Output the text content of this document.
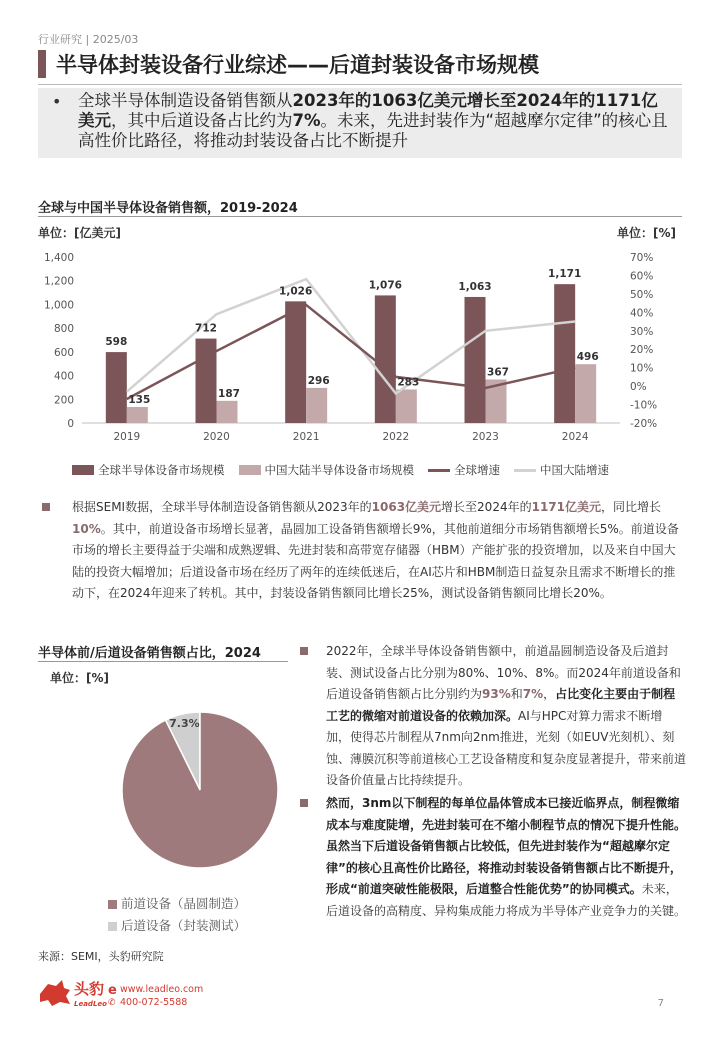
行业研究 | 2025/03
半导体封装设备行业综述——后道封装设备市场规模
• 全球半导体制造设备销售额从2023年的1063亿美元增长至2024年的1171亿美元，其中后道设备占比约为7%。未来，先进封装作为“超越摩尔定律”的核心且高性价比路径，将推动封装设备占比不断提升
全球与中国半导体设备销售额，2019-2024
单位：[亿美元]	单位：[%]
0
200
400
600
800
1,000
1,200
1,400
-20%
-10%
0%
10%
20%
30%
40%
50%
60%
70%
2019	2020	2021	2022	2023	2024
598
712
1,026	1,076	1,063
1,171
135
187
296	283
367
496
全球半导体设备市场规模	中国大陆半导体设备市场规模	全球增速	中国大陆增速
根据SEMI数据，全球半导体制造设备销售额从2023年的1063亿美元增长至2024年的1171亿美元，同比增长10%。其中，前道设备市场增长显著，晶圆加工设备销售额增长9%，其他前道细分市场销售额增长5%。前道设备市场的增长主要得益于尖端和成熟逻辑、先进封装和高带宽存储器（HBM）产能扩张的投资增加，以及来自中国大陆的投资大幅增加；后道设备市场在经历了两年的连续低迷后，在AI芯片和HBM制造日益复杂且需求不断增长的推动下，在2024年迎来了转机。其中，封装设备销售额同比增长25%，测试设备销售额同比增长20%。
半导体前/后道设备销售额占比，2024
单位：[%]
7.3%
92.7%
前道设备（晶圆制造）
后道设备（封装测试）
2022年，全球半导体设备销售额中，前道晶圆制造设备及后道封装、测试设备占比分别为80%、10%、8%。而2024年前道设备和后道设备销售额占比分别约为93%和7%，占比变化主要由于制程工艺的微缩对前道设备的依赖加深。AI与HPC对算力需求不断增加，使得芯片制程从7nm向2nm推进，光刻（如EUV光刻机）、刻蚀、薄膜沉积等前道核心工艺设备精度和复杂度显著提升，带来前道设备价值量占比持续提升。
然而，3nm以下制程的每单位晶体管成本已接近临界点，制程微缩成本与难度陡增，先进封装可在不缩小制程节点的情况下提升性能。虽然当下后道设备销售额占比较低，但先进封装作为“超越摩尔定律”的核心且高性价比路径，将推动封装设备销售额占比不断提升，形成“前道突破性能极限，后道整合性能优势”的协同模式。未来，后道设备的高精度、异构集成能力将成为半导体产业竞争力的关键。
来源：SEMI，头豹研究院
头豹
LeadLeo
e www.leadleo.com
✆ 400-072-5588	7
